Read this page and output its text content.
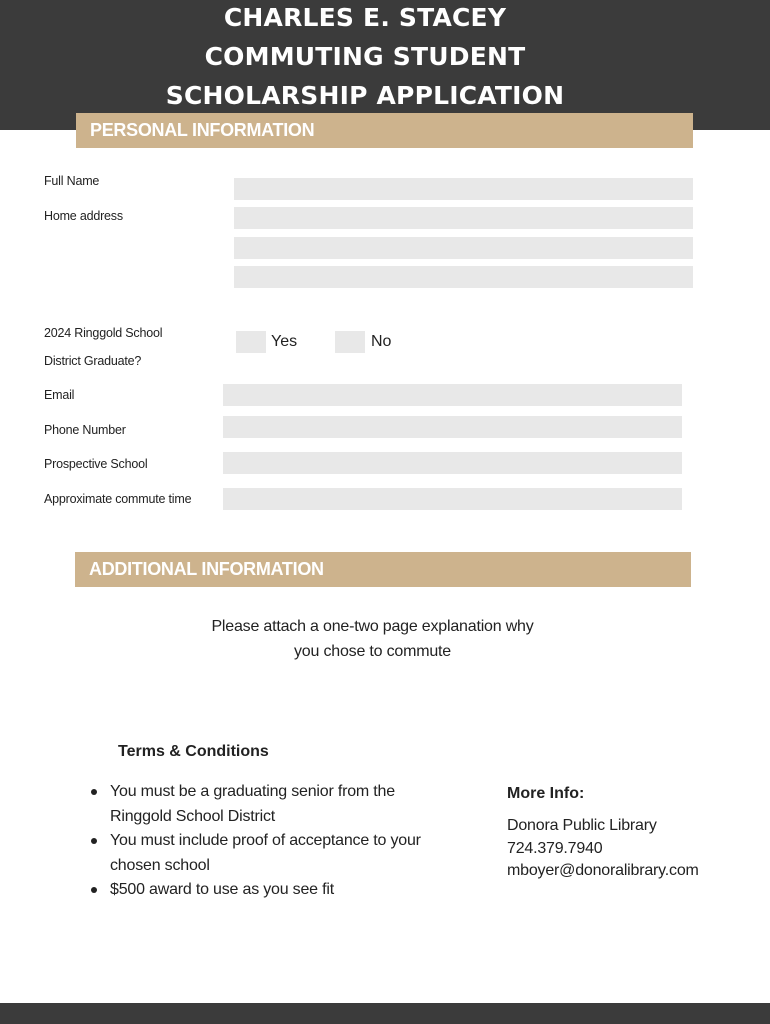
CHARLES E. STACEY
COMMUTING STUDENT
SCHOLARSHIP APPLICATION
PERSONAL INFORMATION
Full Name
Home address
2024 Ringgold School
District Graduate?
Yes	No
Email
Phone Number
Prospective School
Approximate commute time
ADDITIONAL INFORMATION
Please attach a one-two page explanation why
you chose to commute
Terms & Conditions
You must be a graduating senior from the Ringgold School District
You must include proof of acceptance to your chosen school
$500 award to use as you see fit
More Info:
Donora Public Library
724.379.7940
mboyer@donoralibrary.com
